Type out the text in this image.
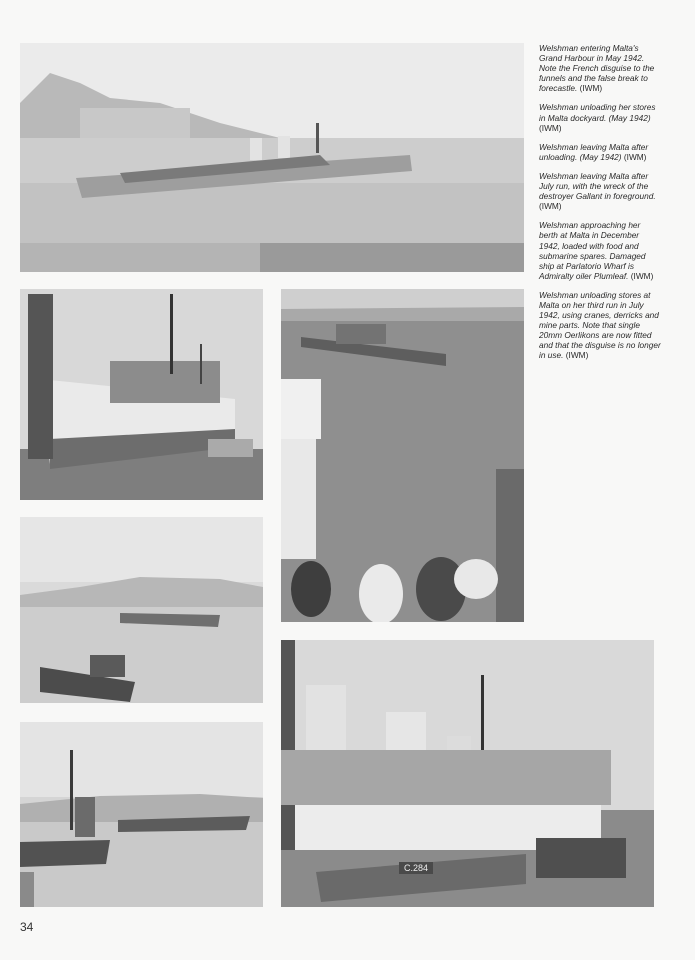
C.284

Welshman entering Malta's Grand Harbour in May 1942. Note the French disguise to the funnels and the false break to forecastle. (IWM)

Welshman unloading her stores in Malta dockyard. (May 1942) (IWM)

Welshman leaving Malta after unloading. (May 1942) (IWM)

Welshman leaving Malta after July run, with the wreck of the destroyer Gallant in foreground. (IWM)

Welshman approaching her berth at Malta in December 1942, loaded with food and submarine spares. Damaged ship at Parlatorio Wharf is Admiralty oiler Plumleaf. (IWM)

Welshman unloading stores at Malta on her third run in July 1942, using cranes, derricks and mine parts. Note that single 20mm Oerlikons are now fitted and that the disguise is no longer in use. (IWM)

34
